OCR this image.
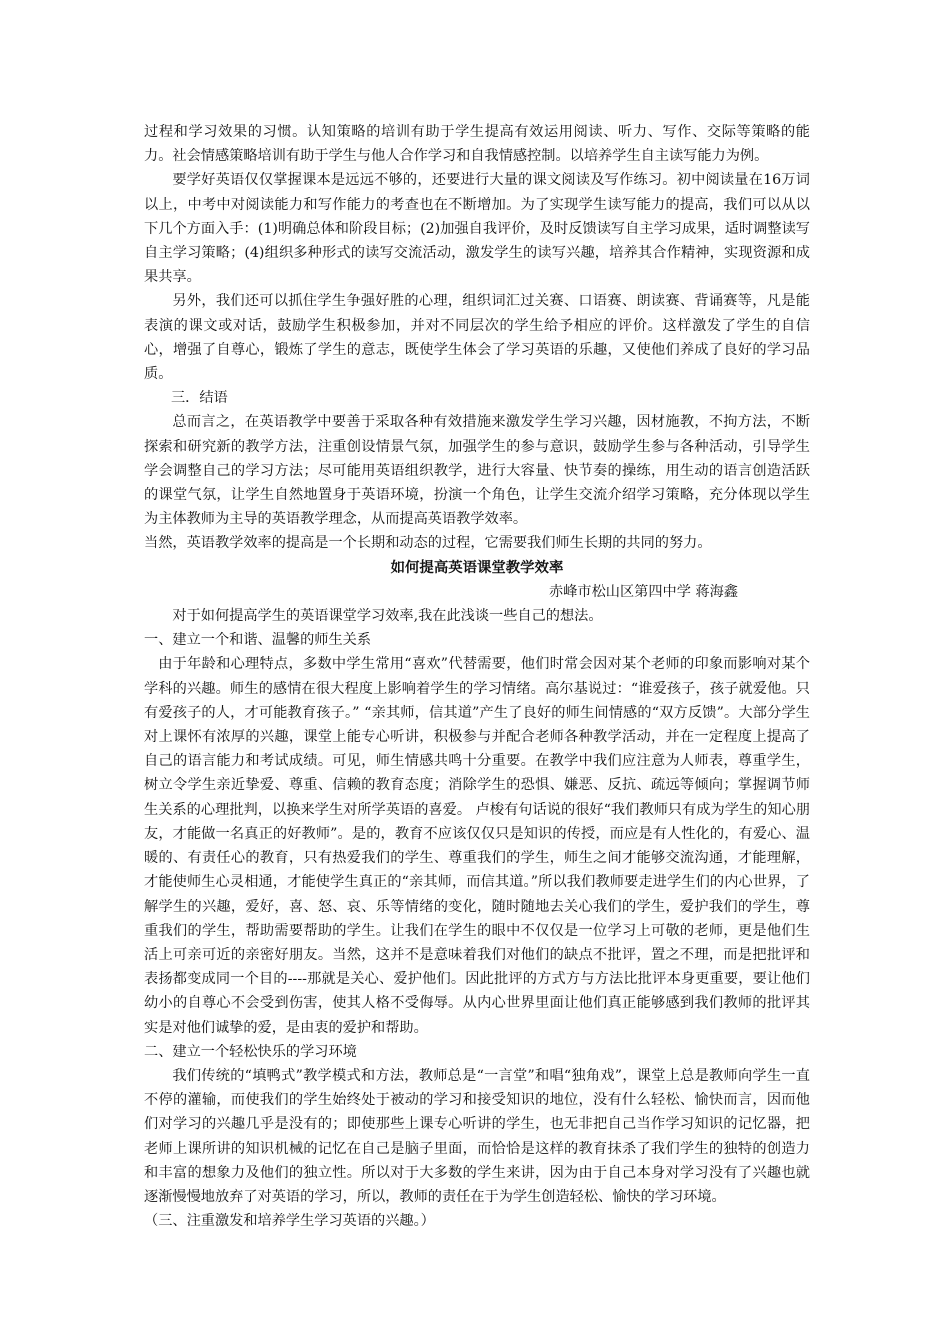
过程和学习效果的习惯。认知策略的培训有助于学生提高有效运用阅读、听力、写作、交际等策略的能力。社会情感策略培训有助于学生与他人合作学习和自我情感控制。以培养学生自主读写能力为例。

要学好英语仅仅掌握课本是远远不够的，还要进行大量的课文阅读及写作练习。初中阅读量在16万词以上，中考中对阅读能力和写作能力的考查也在不断增加。为了实现学生读写能力的提高，我们可以从以下几个方面入手：(1)明确总体和阶段目标；(2)加强自我评价，及时反馈读写自主学习成果，适时调整读写自主学习策略；(4)组织多种形式的读写交流活动，激发学生的读写兴趣，培养其合作精神，实现资源和成果共享。

另外，我们还可以抓住学生争强好胜的心理，组织词汇过关赛、口语赛、朗读赛、背诵赛等，凡是能表演的课文或对话，鼓励学生积极参加，并对不同层次的学生给予相应的评价。这样激发了学生的自信心，增强了自尊心，锻炼了学生的意志，既使学生体会了学习英语的乐趣，又使他们养成了良好的学习品质。

三．结语

总而言之，在英语教学中要善于采取各种有效措施来激发学生学习兴趣，因材施教，不拘方法，不断探索和研究新的教学方法，注重创设情景气氛，加强学生的参与意识，鼓励学生参与各种活动，引导学生学会调整自己的学习方法；尽可能用英语组织教学，进行大容量、快节奏的操练，用生动的语言创造活跃的课堂气氛，让学生自然地置身于英语环境，扮演一个角色，让学生交流介绍学习策略，充分体现以学生为主体教师为主导的英语教学理念，从而提高英语教学效率。

当然，英语教学效率的提高是一个长期和动态的过程，它需要我们师生长期的共同的努力。

如何提高英语课堂教学效率

赤峰市松山区第四中学 蒋海鑫

对于如何提高学生的英语课堂学习效率,我在此浅谈一些自己的想法。

一、建立一个和谐、温馨的师生关系

由于年龄和心理特点，多数中学生常用“喜欢”代替需要，他们时常会因对某个老师的印象而影响对某个学科的兴趣。师生的感情在很大程度上影响着学生的学习情绪。高尔基说过：“谁爱孩子，孩子就爱他。只有爱孩子的人，才可能教育孩子。” “亲其师，信其道”产生了良好的师生间情感的“双方反馈”。大部分学生对上课怀有浓厚的兴趣，课堂上能专心听讲，积极参与并配合老师各种教学活动，并在一定程度上提高了自己的语言能力和考试成绩。可见，师生情感共鸣十分重要。在教学中我们应注意为人师表，尊重学生，树立令学生亲近挚爱、尊重、信赖的教育态度；消除学生的恐惧、嫌恶、反抗、疏远等倾向；掌握调节师生关系的心理批判，以换来学生对所学英语的喜爱。 卢梭有句话说的很好“我们教师只有成为学生的知心朋友，才能做一名真正的好教师”。是的，教育不应该仅仅只是知识的传授，而应是有人性化的，有爱心、温暖的、有责任心的教育，只有热爱我们的学生、尊重我们的学生，师生之间才能够交流沟通，才能理解，才能使师生心灵相通，才能使学生真正的“亲其师，而信其道。”所以我们教师要走进学生们的内心世界，了解学生的兴趣，爱好，喜、怒、哀、乐等情绪的变化，随时随地去关心我们的学生，爱护我们的学生，尊重我们的学生，帮助需要帮助的学生。让我们在学生的眼中不仅仅是一位学习上可敬的老师，更是他们生活上可亲可近的亲密好朋友。当然，这并不是意味着我们对他们的缺点不批评，置之不理，而是把批评和表扬都变成同一个目的----那就是关心、爱护他们。因此批评的方式方与方法比批评本身更重要，要让他们幼小的自尊心不会受到伤害，使其人格不受侮辱。从内心世界里面让他们真正能够感到我们教师的批评其实是对他们诚挚的爱，是由衷的爱护和帮助。

二、建立一个轻松快乐的学习环境

我们传统的“填鸭式”教学模式和方法，教师总是“一言堂”和唱“独角戏”，课堂上总是教师向学生一直不停的灌输，而使我们的学生始终处于被动的学习和接受知识的地位，没有什么轻松、愉快而言，因而他们对学习的兴趣几乎是没有的；即使那些上课专心听讲的学生，也无非把自己当作学习知识的记忆器，把老师上课所讲的知识机械的记忆在自己是脑子里面，而恰恰是这样的教育抹杀了我们学生的独特的创造力和丰富的想象力及他们的独立性。所以对于大多数的学生来讲，因为由于自己本身对学习没有了兴趣也就逐渐慢慢地放弃了对英语的学习，所以，教师的责任在于为学生创造轻松、愉快的学习环境。

（三、注重激发和培养学生学习英语的兴趣。）
